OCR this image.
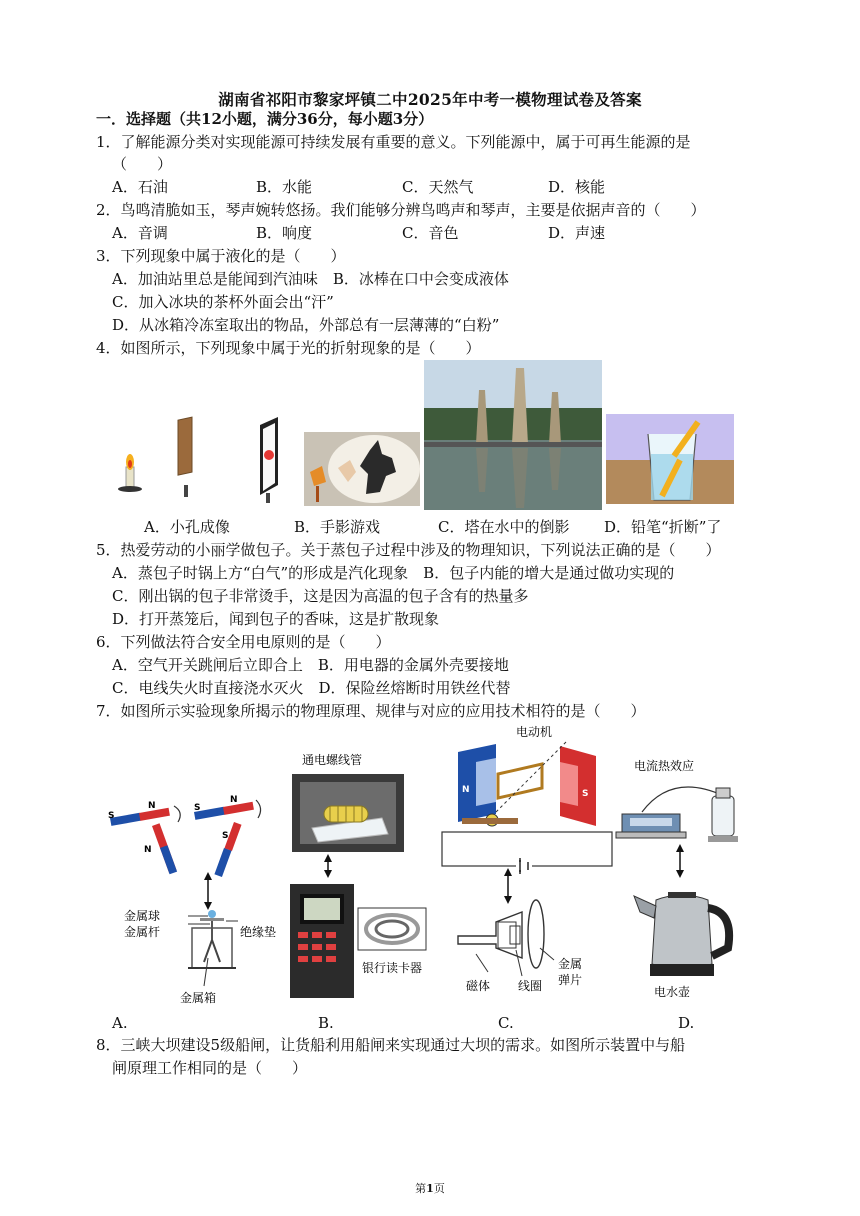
湖南省祁阳市黎家坪镇二中2025年中考一模物理试卷及答案
一．选择题（共12小题，满分36分，每小题3分）
1．了解能源分类对实现能源可持续发展有重要的意义。下列能源中，属于可再生能源的是
（　　）
A．石油	B．水能	C．天然气	D．核能
2．鸟鸣清脆如玉，琴声婉转悠扬。我们能够分辨鸟鸣声和琴声，主要是依据声音的（　　）
A．音调	B．响度	C．音色	D．声速
3．下列现象中属于液化的是（　　）
A．加油站里总是能闻到汽油味　B．冰棒在口中会变成液体
C．加入冰块的茶杯外面会出“汗”
D．从冰箱冷冻室取出的物品，外部总有一层薄薄的“白粉”
4．如图所示，下列现象中属于光的折射现象的是（　　）
A．小孔成像	B．手影游戏	C．塔在水中的倒影 D．铅笔“折断”了
5．热爱劳动的小丽学做包子。关于蒸包子过程中涉及的物理知识，下列说法正确的是（　　）
A．蒸包子时锅上方“白气”的形成是汽化现象　B．包子内能的增大是通过做功实现的
C．刚出锅的包子非常烫手，这是因为高温的包子含有的热量多
D．打开蒸笼后，闻到包子的香味，这是扩散现象
6．下列做法符合安全用电原则的是（　　）
A．空气开关跳闸后立即合上　B．用电器的金属外壳要接地
C．电线失火时直接浇水灭火　D．保险丝熔断时用铁丝代替
7．如图所示实验现象所揭示的物理原理、规律与对应的应用技术相符的是（　　）
S
N
N
S
N
S
金属球
金属杆	绝缘垫
金属箱
通电螺线管
银行读卡器
电动机
N	S
磁体 线圈
金属
弹片
电流热效应
电水壶
A.	B.	C.	D.
8．三峡大坝建设5级船闸，让货船利用船闸来实现通过大坝的需求。如图所示装置中与船
闸原理工作相同的是（　　）
第1页
